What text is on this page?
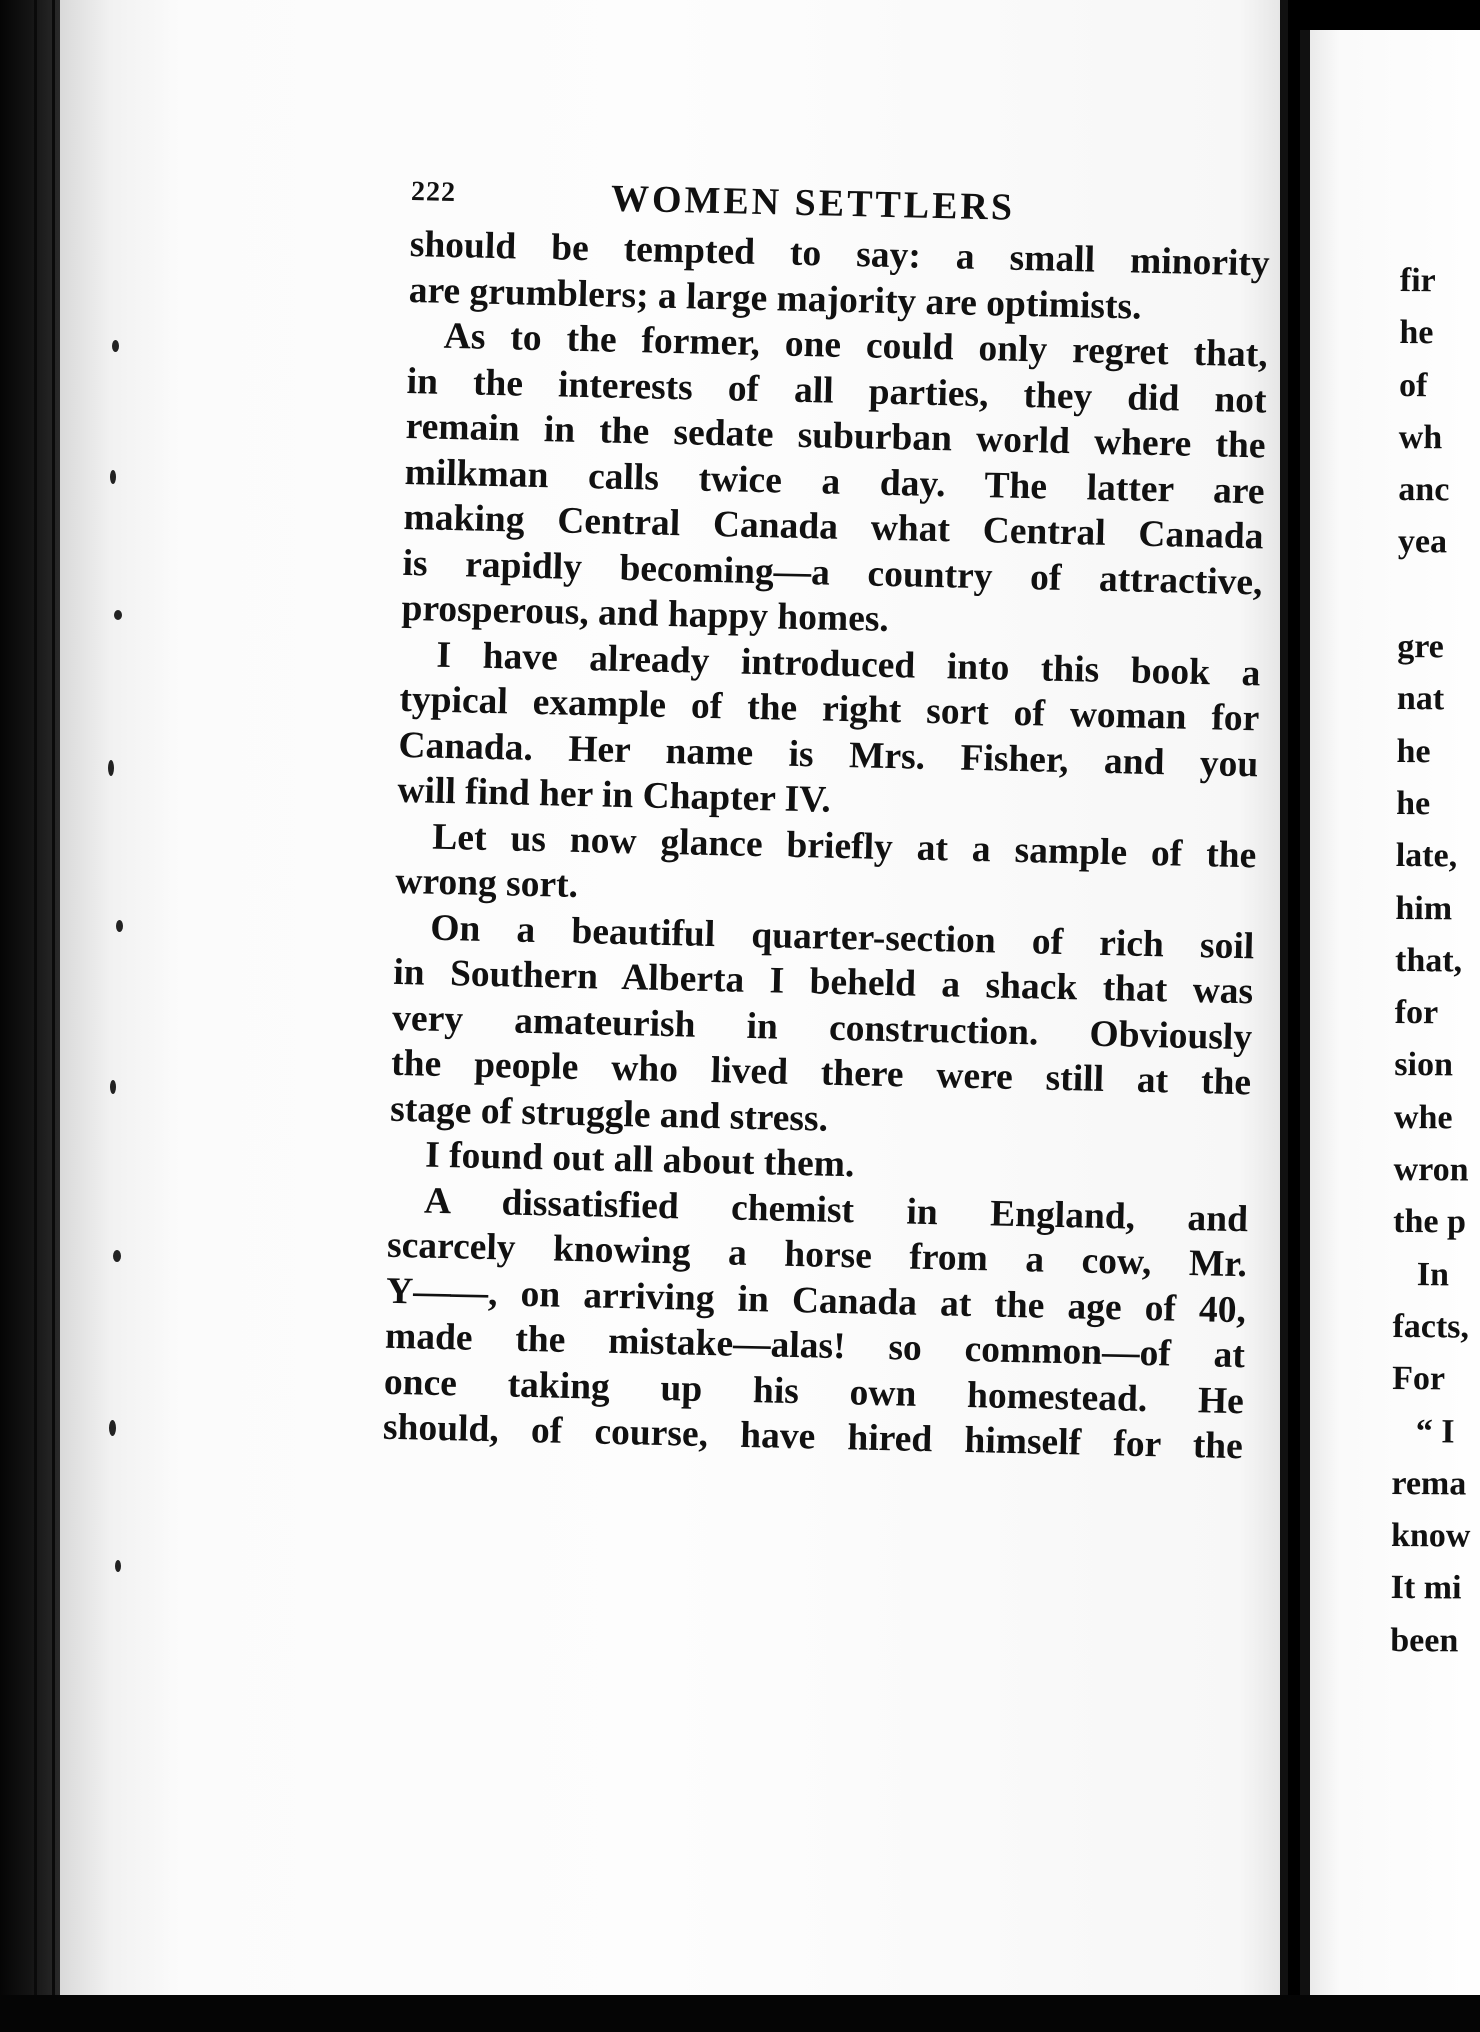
222	WOMEN SETTLERS
should be tempted to say: a small minority
are grumblers; a large majority are optimists.
As to the former, one could only regret that,
in the interests of all parties, they did not
remain in the sedate suburban world where the
milkman calls twice a day. The latter are
making Central Canada what Central Canada
is rapidly becoming—a country of attractive,
prosperous, and happy homes.
I have already introduced into this book a
typical example of the right sort of woman for
Canada. Her name is Mrs. Fisher, and you
will find her in Chapter IV.
Let us now glance briefly at a sample of the
wrong sort.
On a beautiful quarter-section of rich soil
in Southern Alberta I beheld a shack that was
very amateurish in construction. Obviously
the people who lived there were still at the
stage of struggle and stress.
I found out all about them.
A dissatisfied chemist in England, and
scarcely knowing a horse from a cow, Mr.
Y——, on arriving in Canada at the age of 40,
made the mistake—alas! so common—of at
once taking up his own homestead. He
should, of course, have hired himself for the
fir
he
of
wh
anc
yea
gre
nat
he
he
late,
him
that,
for
sion
whe
wron
the p
In
facts,
For
“ I
rema
know
It mi
been
